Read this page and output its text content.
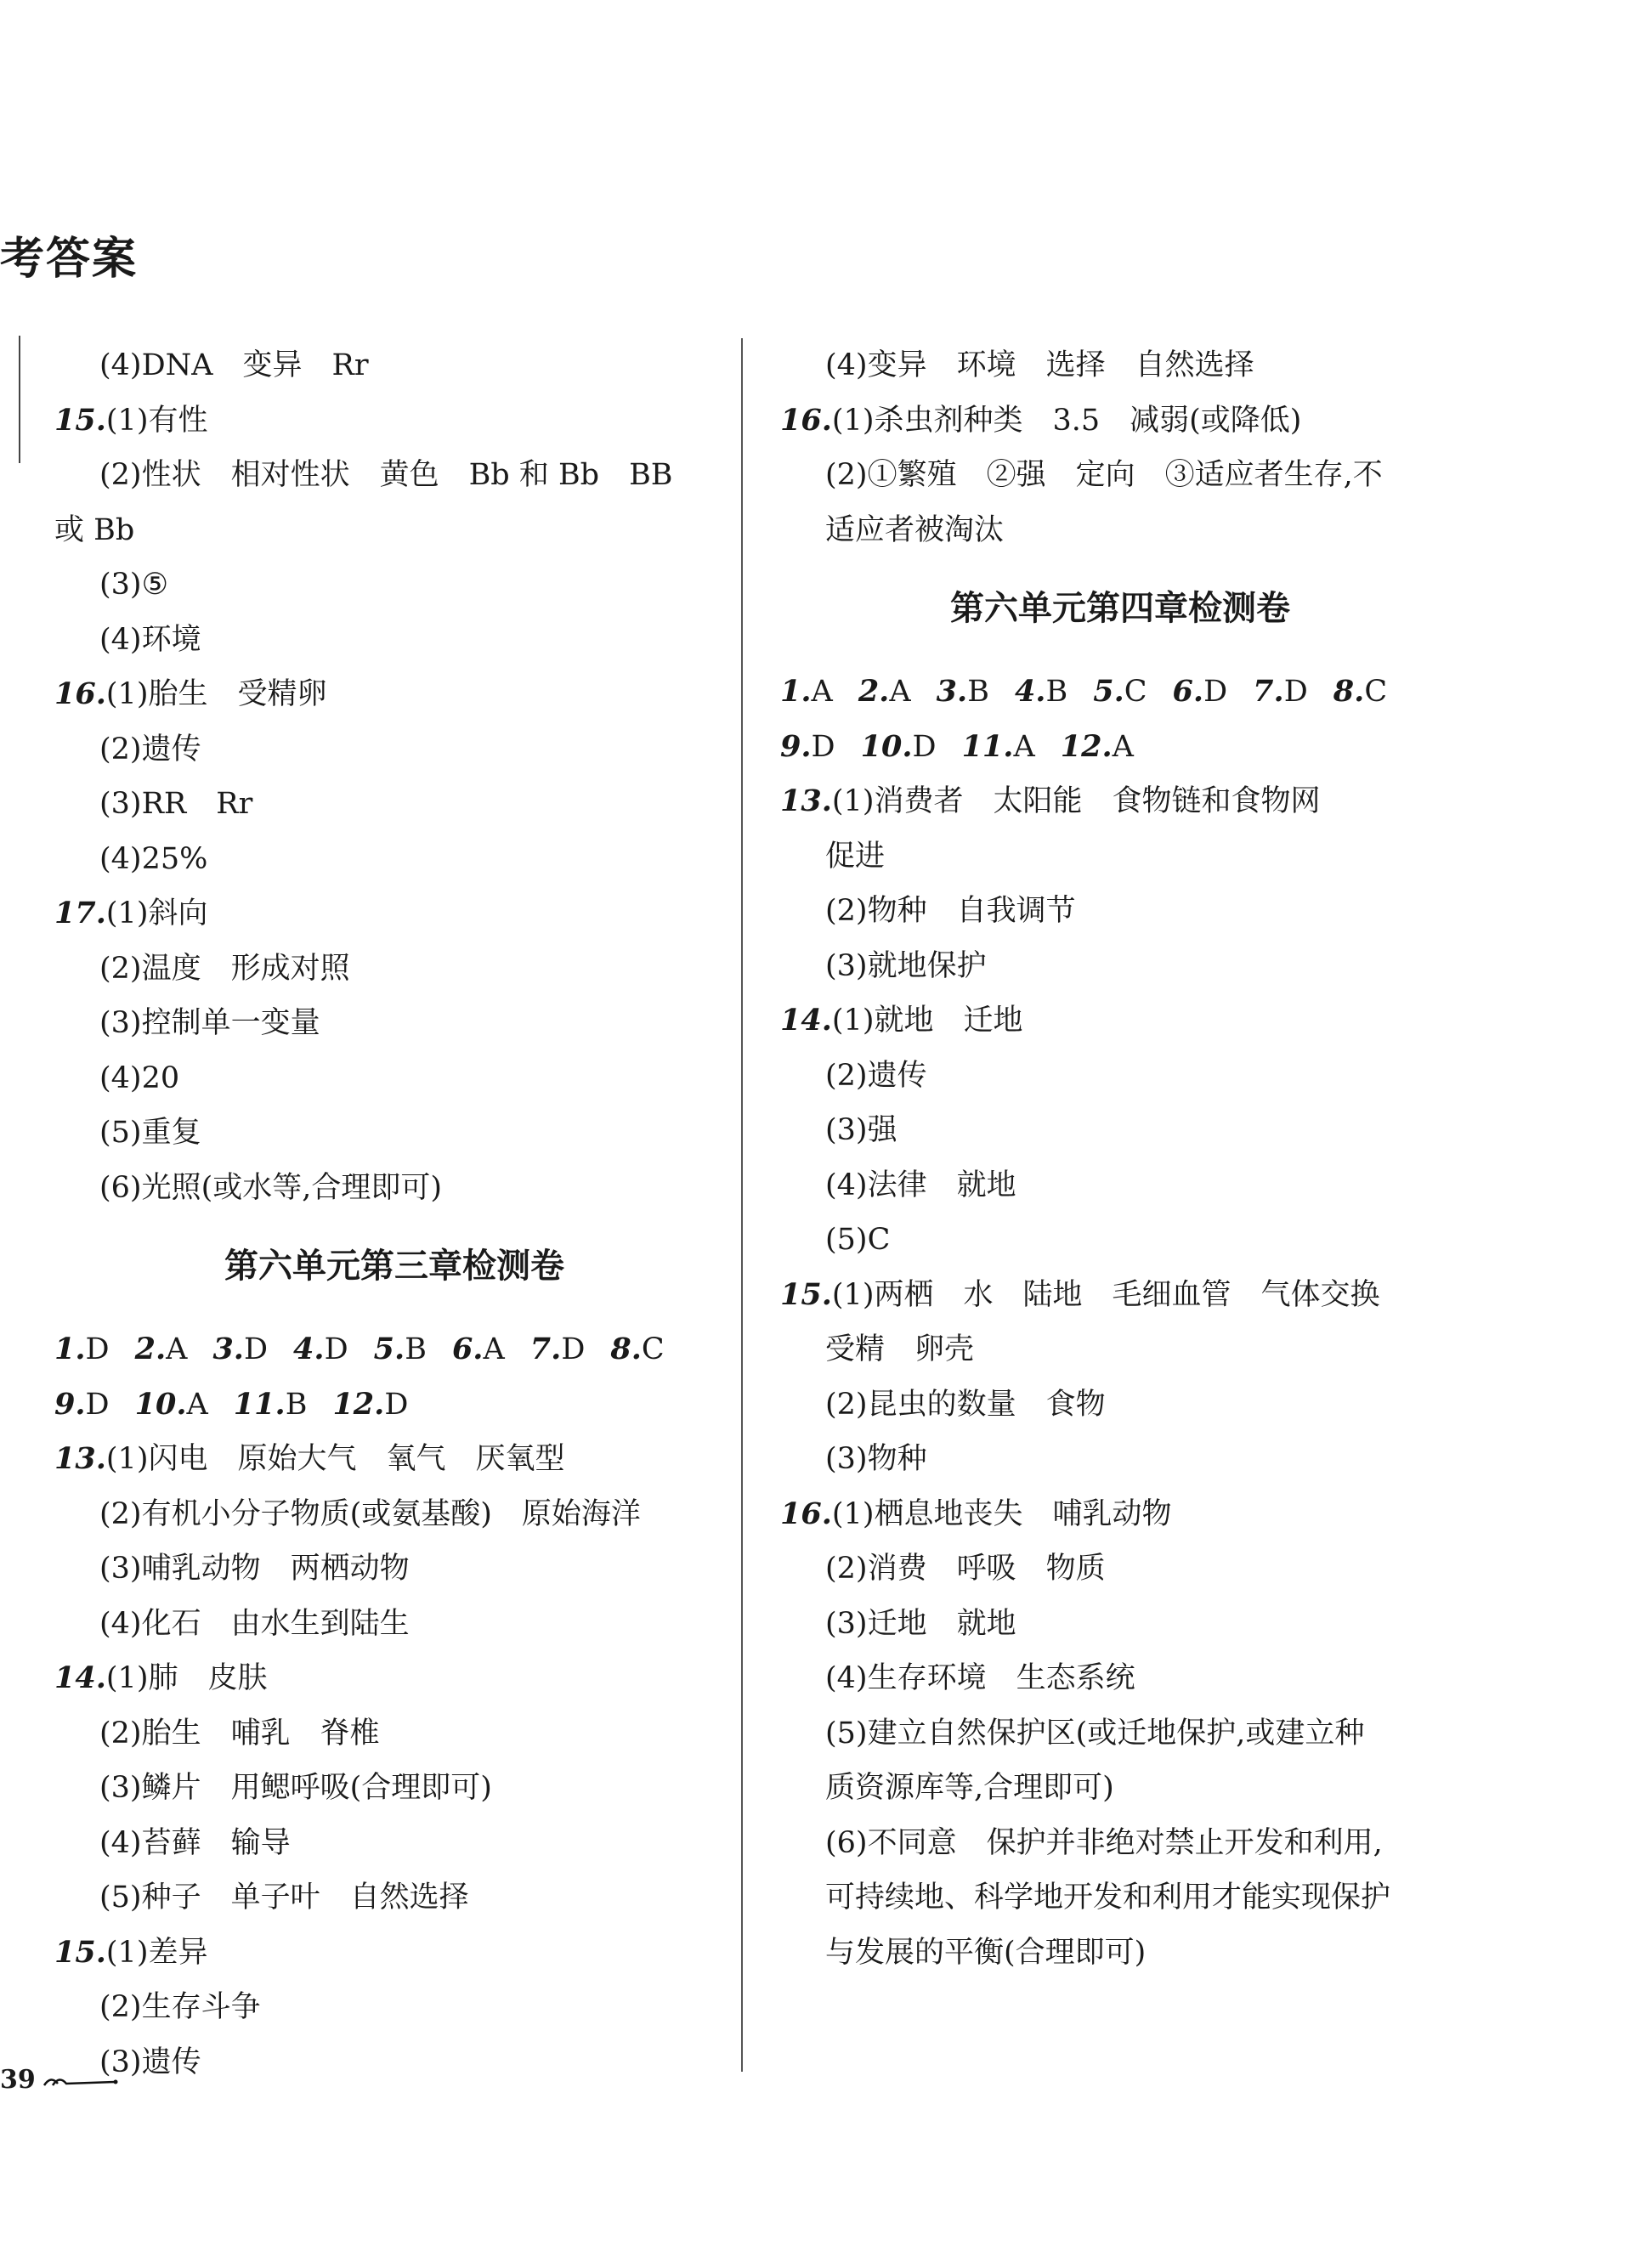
考答案
(4)DNA　变异　Rr
15.(1)有性
(2)性状　相对性状　黄色　Bb 和 Bb　BB
或 Bb
(3)⑤
(4)环境
16.(1)胎生　受精卵
(2)遗传
(3)RR　Rr
(4)25%
17.(1)斜向
(2)温度　形成对照
(3)控制单一变量
(4)20
(5)重复
(6)光照(或水等,合理即可)
第六单元第三章检测卷
1.D 2.A 3.D 4.D 5.B 6.A 7.D 8.C
9.D 10.A 11.B 12.D
13.(1)闪电　原始大气　氧气　厌氧型
(2)有机小分子物质(或氨基酸)　原始海洋
(3)哺乳动物　两栖动物
(4)化石　由水生到陆生
14.(1)肺　皮肤
(2)胎生　哺乳　脊椎
(3)鳞片　用鳃呼吸(合理即可)
(4)苔藓　输导
(5)种子　单子叶　自然选择
15.(1)差异
(2)生存斗争
(3)遗传
(4)变异　环境　选择　自然选择
16.(1)杀虫剂种类　3.5　减弱(或降低)
(2)①繁殖　②强　定向　③适应者生存,不
适应者被淘汰
第六单元第四章检测卷
1.A 2.A 3.B 4.B 5.C 6.D 7.D 8.C
9.D 10.D 11.A 12.A
13.(1)消费者　太阳能　食物链和食物网
促进
(2)物种　自我调节
(3)就地保护
14.(1)就地　迁地
(2)遗传
(3)强
(4)法律　就地
(5)C
15.(1)两栖　水　陆地　毛细血管　气体交换
受精　卵壳
(2)昆虫的数量　食物
(3)物种
16.(1)栖息地丧失　哺乳动物
(2)消费　呼吸　物质
(3)迁地　就地
(4)生存环境　生态系统
(5)建立自然保护区(或迁地保护,或建立种
质资源库等,合理即可)
(6)不同意　保护并非绝对禁止开发和利用,
可持续地、科学地开发和利用才能实现保护
与发展的平衡(合理即可)
39
